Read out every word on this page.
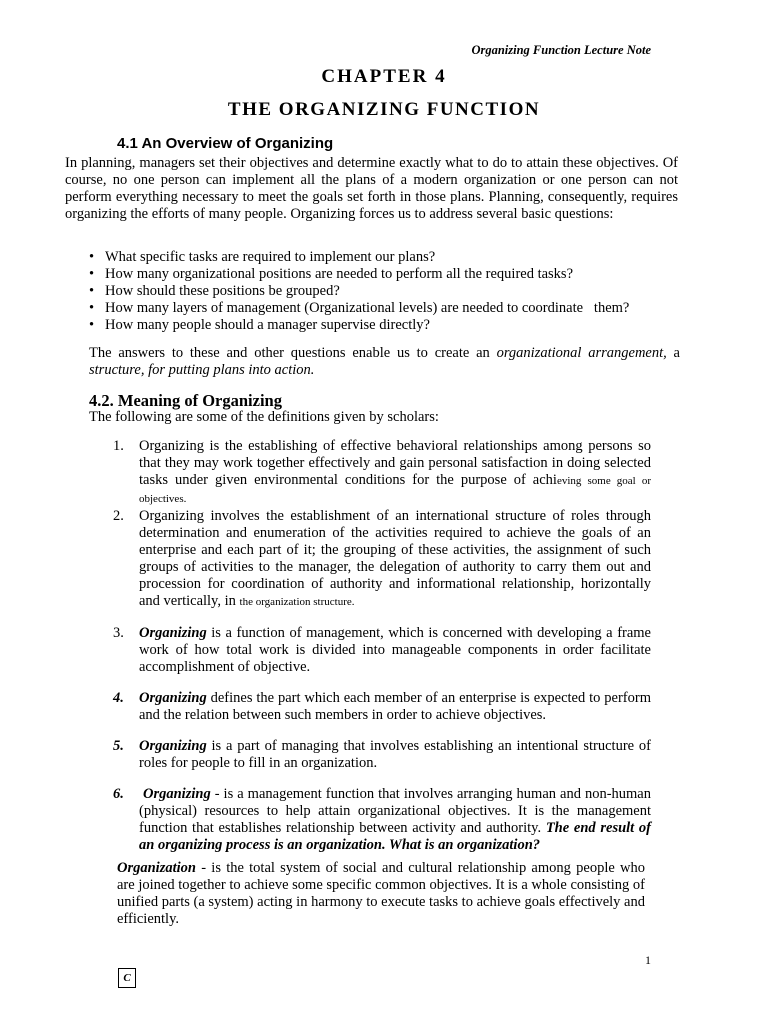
Organizing Function Lecture Note
CHAPTER 4
THE ORGANIZING FUNCTION
4.1 An Overview of Organizing
In planning, managers set their objectives and determine exactly what to do to attain these objectives. Of course, no one person can implement all the plans of a modern organization or one person can not perform everything necessary to meet the goals set forth in those plans. Planning, consequently, requires organizing the efforts of many people. Organizing forces us to address several basic questions:
• What specific tasks are required to implement our plans?
• How many organizational positions are needed to perform all the required tasks?
• How should these positions be grouped?
• How many layers of management (Organizational levels) are needed to coordinate   them?
• How many people should a manager supervise directly?
The answers to these and other questions enable us to create an organizational arrangement, a structure, for putting plans into action.
4.2. Meaning of Organizing
The following are some of the definitions given by scholars:
1. Organizing is the establishing of effective behavioral relationships among persons so that they may work together effectively and gain personal satisfaction in doing selected tasks under given environmental conditions for the purpose of achieving some goal or objectives.
2. Organizing involves the establishment of an international structure of roles through determination and enumeration of the activities required to achieve the goals of an enterprise and each part of it; the grouping of these activities, the assignment of such groups of activities to the manager, the delegation of authority to carry them out and procession for coordination of authority and informational relationship, horizontally and vertically, in the organization structure.
3. Organizing is a function of management, which is concerned with developing a frame work of how total work is divided into manageable components in order facilitate accomplishment of objective.
4. Organizing defines the part which each member of an enterprise is expected to perform and the relation between such members in order to achieve objectives.
5. Organizing is a part of managing that involves establishing an intentional structure of roles for people to fill in an organization.
6. Organizing - is a management function that involves arranging human and non-human (physical) resources to help attain organizational objectives. It is the management function that establishes relationship between activity and authority. The end result of an organizing process is an organization. What is an organization?
Organization - is the total system of social and cultural relationship among people who are joined together to achieve some specific common objectives. It is a whole consisting of unified parts (a system) acting in harmony to execute tasks to achieve goals effectively and efficiently.
1
C
